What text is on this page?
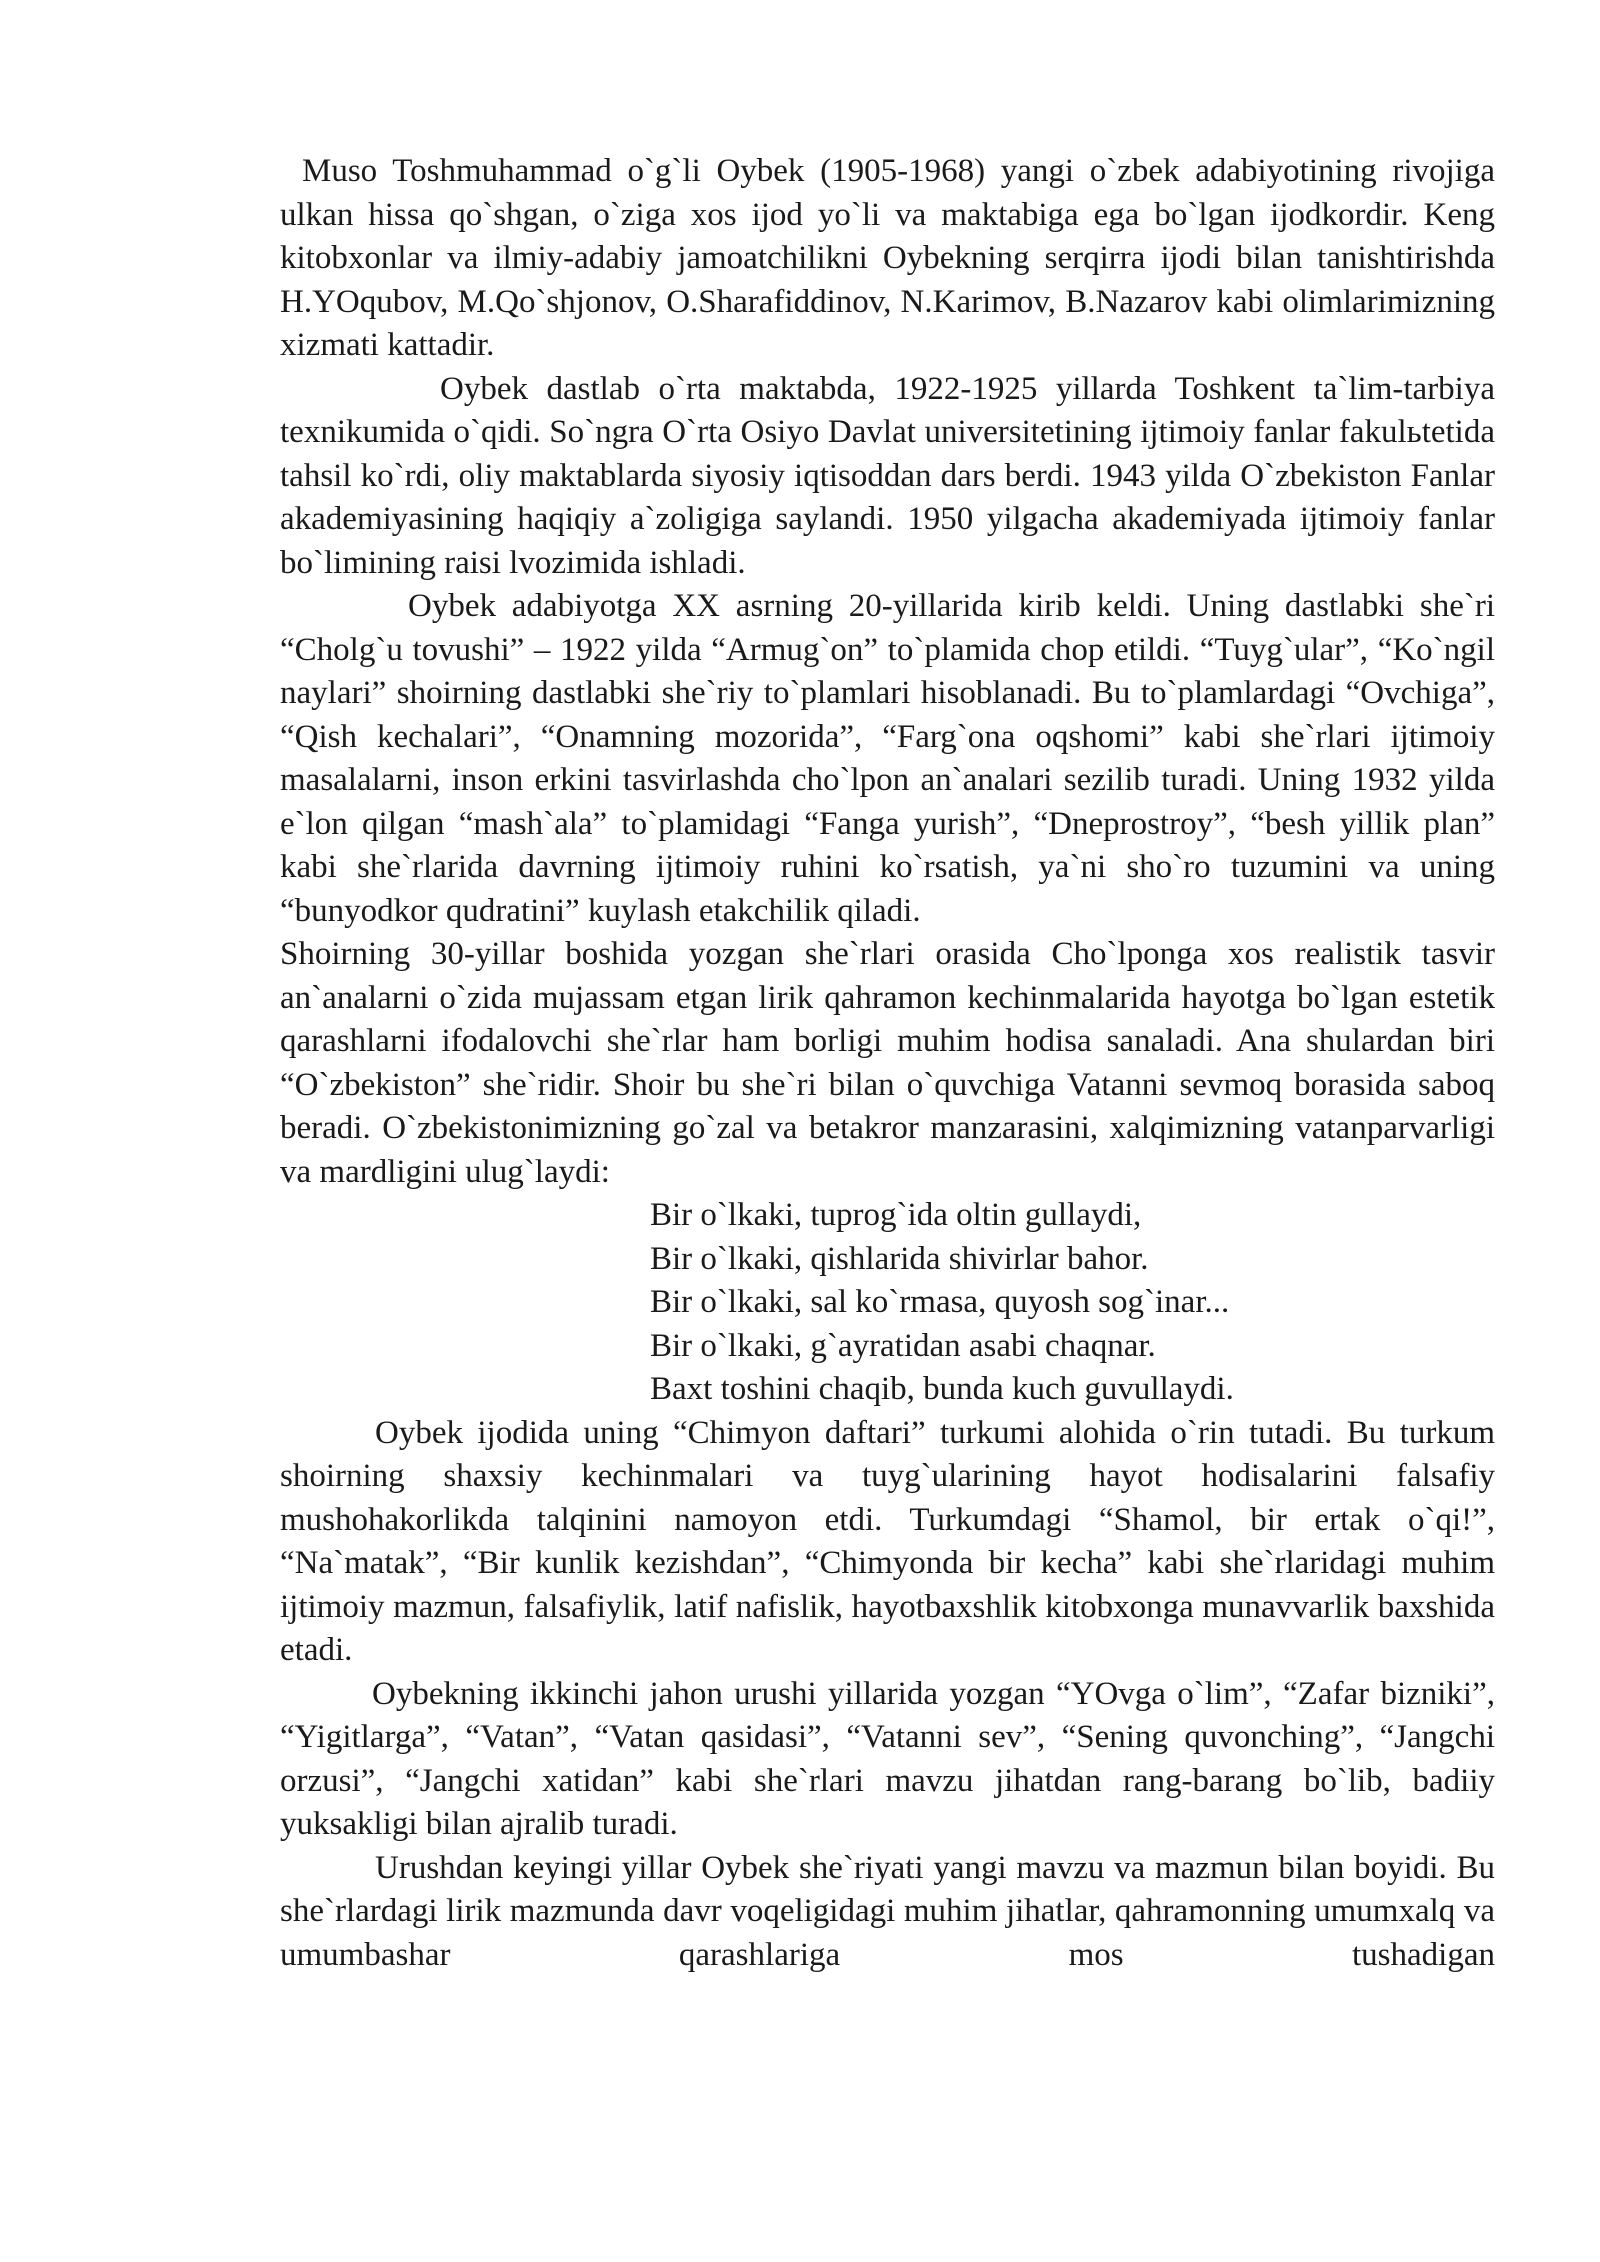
Muso Toshmuhammad o`g`li Oybek (1905-1968) yangi o`zbek adabiyotining rivojiga ulkan hissa qo`shgan, o`ziga xos ijod yo`li va maktabiga ega bo`lgan ijodkordir. Keng kitobxonlar va ilmiy-adabiy jamoatchilikni Oybekning serqirra ijodi bilan tanishtirishda H.YOqubov, M.Qo`shjonov, O.Sharafiddinov, N.Karimov, B.Nazarov kabi olimlarimizning xizmati kattadir.

Oybek dastlab o`rta maktabda, 1922-1925 yillarda Toshkent ta`lim-tarbiya texnikumida o`qidi. So`ngra O`rta Osiyo Davlat universitetining ijtimoiy fanlar fakulьtetida tahsil ko`rdi, oliy maktablarda siyosiy iqtisoddan dars berdi. 1943 yilda O`zbekiston Fanlar akademiyasining haqiqiy a`zoligiga saylandi. 1950 yilgacha akademiyada ijtimoiy fanlar bo`limining raisi lvozimida ishladi.

Oybek adabiyotga XX asrning 20-yillarida kirib keldi. Uning dastlabki she`ri “Cholg`u tovushi” – 1922 yilda “Armug`on” to`plamida chop etildi. “Tuyg`ular”, “Ko`ngil naylari” shoirning dastlabki she`riy to`plamlari hisoblanadi. Bu to`plamlardagi “Ovchiga”, “Qish kechalari”, “Onamning mozorida”, “Farg`ona oqshomi” kabi she`rlari ijtimoiy masalalarni, inson erkini tasvirlashda cho`lpon an`analari sezilib turadi. Uning 1932 yilda e`lon qilgan “mash`ala” to`plamidagi “Fanga yurish”, “Dneprostroy”, “besh yillik plan” kabi she`rlarida davrning ijtimoiy ruhini ko`rsatish, ya`ni sho`ro tuzumini va uning “bunyodkor qudratini” kuylash etakchilik qiladi.

Shoirning 30-yillar boshida yozgan she`rlari orasida Cho`lponga xos realistik tasvir an`analarni o`zida mujassam etgan lirik qahramon kechinmalarida hayotga bo`lgan estetik qarashlarni ifodalovchi she`rlar ham borligi muhim hodisa sanaladi. Ana shulardan biri “O`zbekiston” she`ridir. Shoir bu she`ri bilan o`quvchiga Vatanni sevmoq borasida saboq beradi. O`zbekistonimizning go`zal va betakror manzarasini, xalqimizning vatanparvarligi va mardligini ulug`laydi:

Bir o`lkaki, tuprog`ida oltin gullaydi,
Bir o`lkaki, qishlarida shivirlar bahor.
Bir o`lkaki, sal ko`rmasa, quyosh sog`inar...
Bir o`lkaki, g`ayratidan asabi chaqnar.
Baxt toshini chaqib, bunda kuch guvullaydi.

Oybek ijodida uning “Chimyon daftari” turkumi alohida o`rin tutadi. Bu turkum shoirning shaxsiy kechinmalari va tuyg`ularining hayot hodisalarini falsafiy mushohakorlikda talqinini namoyon etdi. Turkumdagi “Shamol, bir ertak o`qi!”, “Na`matak”, “Bir kunlik kezishdan”, “Chimyonda bir kecha” kabi she`rlaridagi muhim ijtimoiy mazmun, falsafiylik, latif nafislik, hayotbaxshlik kitobxonga munavvarlik baxshida etadi.

Oybekning ikkinchi jahon urushi yillarida yozgan “YOvga o`lim”, “Zafar bizniki”, “Yigitlarga”, “Vatan”, “Vatan qasidasi”, “Vatanni sev”, “Sening quvonching”, “Jangchi orzusi”, “Jangchi xatidan” kabi she`rlari mavzu jihatdan rang-barang bo`lib, badiiy yuksakligi bilan ajralib turadi.

Urushdan keyingi yillar Oybek she`riyati yangi mavzu va mazmun bilan boyidi. Bu she`rlardagi lirik mazmunda davr voqeligidagi muhim jihatlar, qahramonning umumxalq va umumbashar qarashlariga mos tushadigan
